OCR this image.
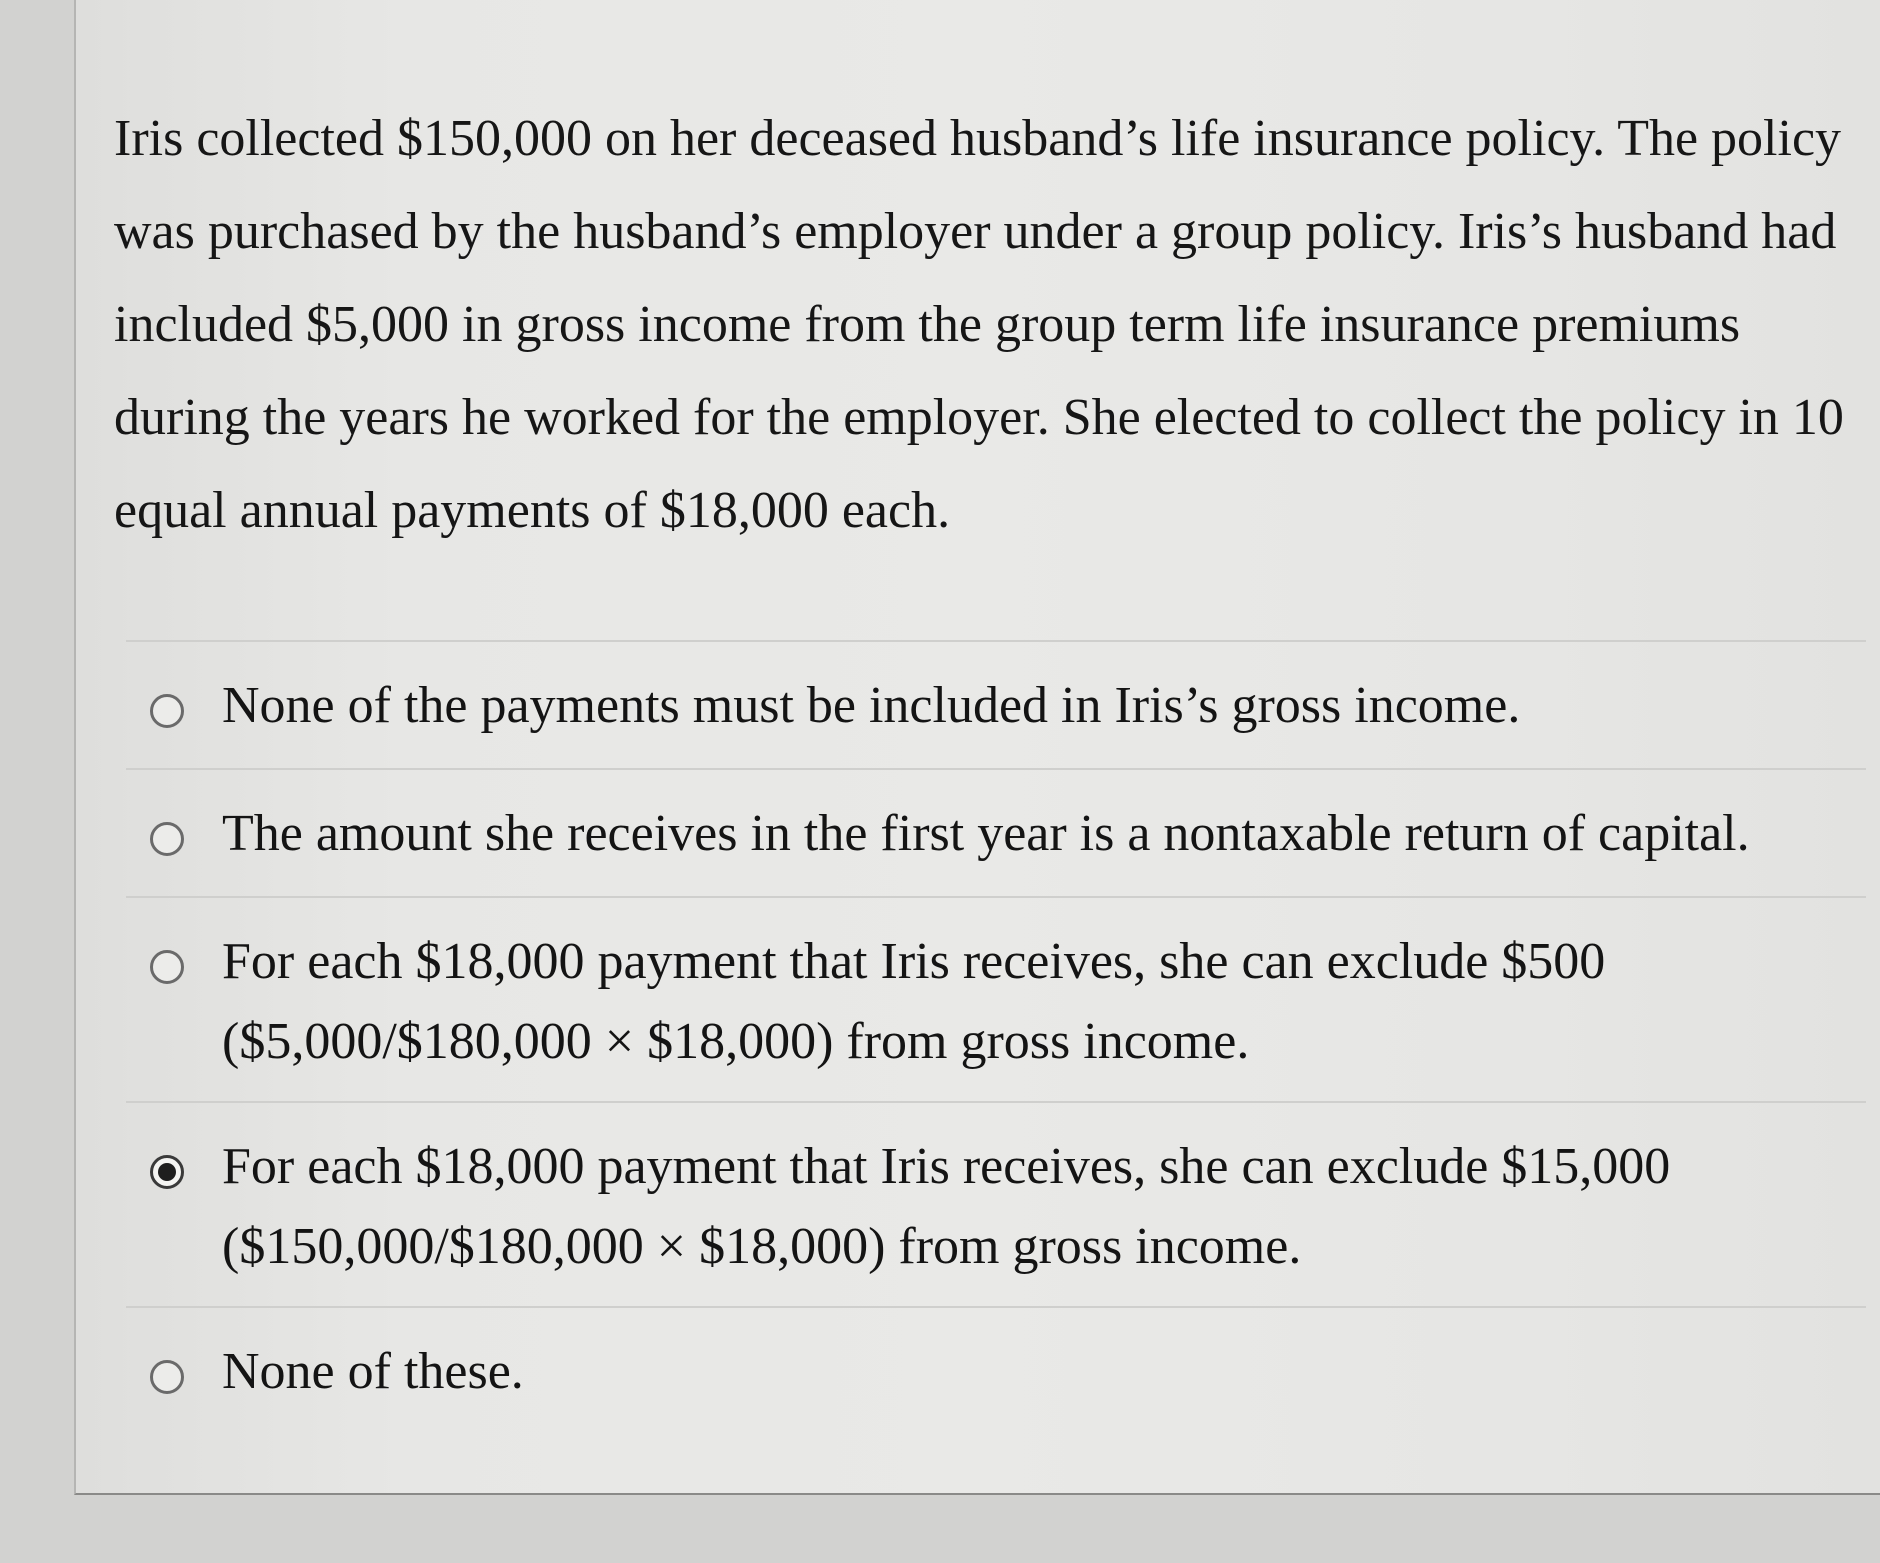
Iris collected $150,000 on her deceased husband’s life insurance policy. The policy was purchased by the husband’s employer under a group policy. Iris’s husband had included $5,000 in gross income from the group term life insurance premiums during the years he worked for the employer. She elected to collect the policy in 10 equal annual payments of $18,000 each.
None of the payments must be included in Iris’s gross income.
The amount she receives in the first year is a nontaxable return of capital.
For each $18,000 payment that Iris receives, she can exclude $500 ($5,000/$180,000 × $18,000) from gross income.
For each $18,000 payment that Iris receives, she can exclude $15,000 ($150,000/$180,000 × $18,000) from gross income.
None of these.
